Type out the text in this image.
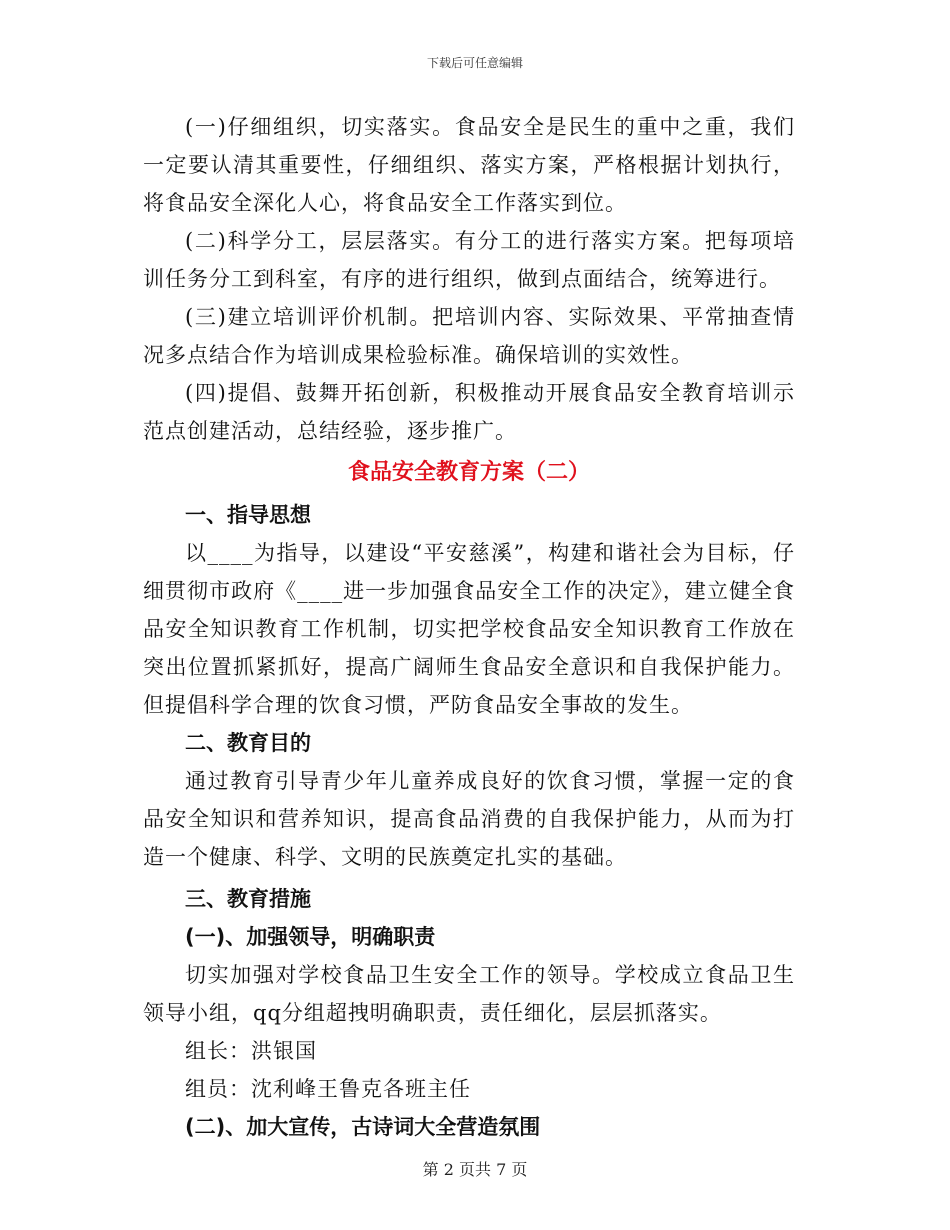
下载后可任意编辑

(一)仔细组织，切实落实。食品安全是民生的重中之重，我们一定要认清其重要性，仔细组织、落实方案，严格根据计划执行，将食品安全深化人心，将食品安全工作落实到位。

(二)科学分工，层层落实。有分工的进行落实方案。把每项培训任务分工到科室，有序的进行组织，做到点面结合，统筹进行。

(三)建立培训评价机制。把培训内容、实际效果、平常抽查情况多点结合作为培训成果检验标准。确保培训的实效性。

(四)提倡、鼓舞开拓创新，积极推动开展食品安全教育培训示范点创建活动，总结经验，逐步推广。

食品安全教育方案（二）
一、指导思想

以____为指导，以建设“平安慈溪”，构建和谐社会为目标，仔细贯彻市政府《____进一步加强食品安全工作的决定》，建立健全食品安全知识教育工作机制，切实把学校食品安全知识教育工作放在突出位置抓紧抓好，提高广阔师生食品安全意识和自我保护能力。但提倡科学合理的饮食习惯，严防食品安全事故的发生。

二、教育目的

通过教育引导青少年儿童养成良好的饮食习惯，掌握一定的食品安全知识和营养知识，提高食品消费的自我保护能力，从而为打造一个健康、科学、文明的民族奠定扎实的基础。

三、教育措施
(一)、加强领导，明确职责

切实加强对学校食品卫生安全工作的领导。学校成立食品卫生领导小组，qq分组超拽明确职责，责任细化，层层抓落实。

组长：洪银国

组员：沈利峰王鲁克各班主任

(二)、加大宣传，古诗词大全营造氛围
第 2 页共 7 页
